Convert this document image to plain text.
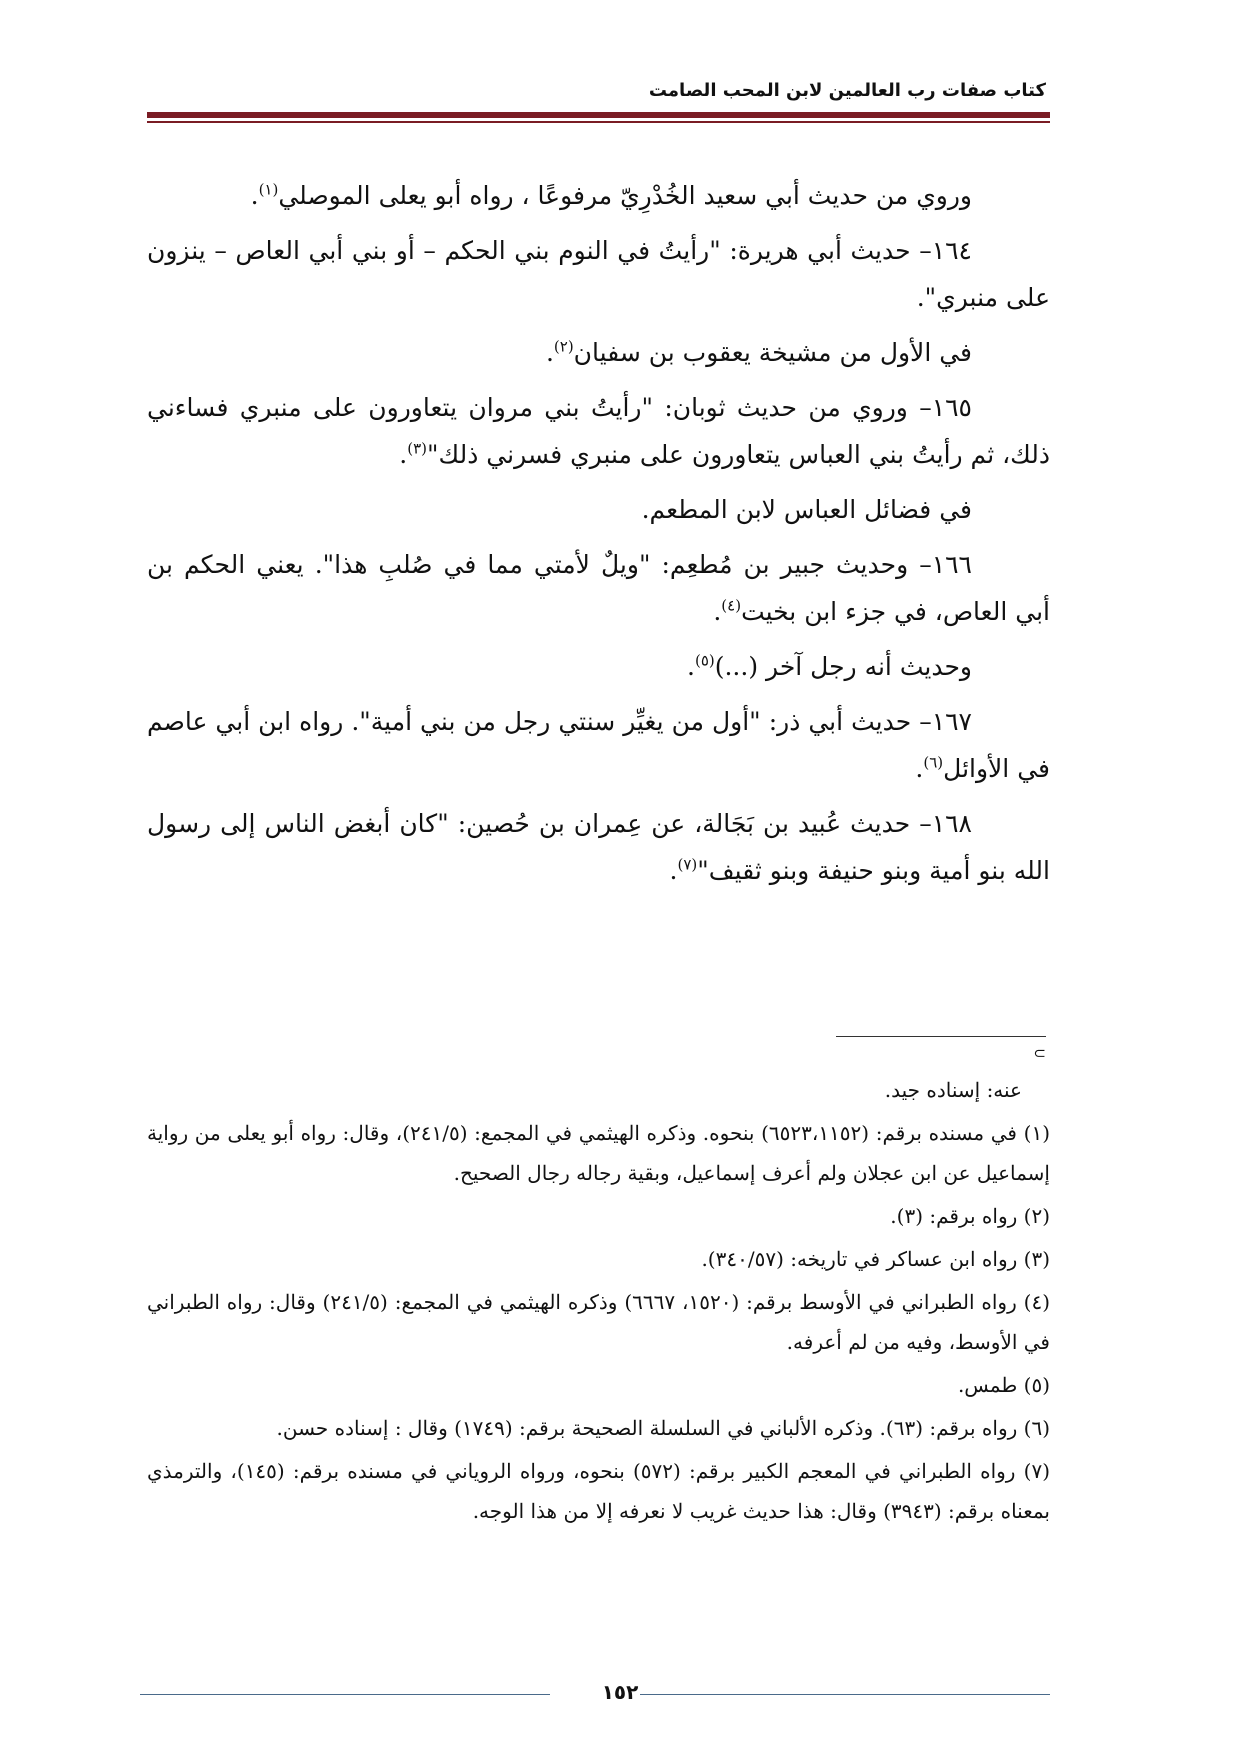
كتاب صفات رب العالمين لابن المحب الصامت

وروي من حديث أبي سعيد الخُدْرِيّ مرفوعًا ، رواه أبو يعلى الموصلي$^{(١)}$.

١٦٤– حديث أبي هريرة: "رأيتُ في النوم بني الحكم – أو بني أبي العاص – ينزون على منبري".

في الأول من مشيخة يعقوب بن سفيان$^{(٢)}$.

١٦٥– وروي من حديث ثوبان: "رأيتُ بني مروان يتعاورون على منبري فساءني ذلك، ثم رأيتُ بني العباس يتعاورون على منبري فسرني ذلك"$^{(٣)}$.

في فضائل العباس لابن المطعم.

١٦٦– وحديث جبير بن مُطعِم: "ويلٌ لأمتي مما في صُلبِ هذا". يعني الحكم بن أبي العاص، في جزء ابن بخيت$^{(٤)}$.

وحديث أنه رجل آخر (...)$^{(٥)}$.

١٦٧– حديث أبي ذر: "أول من يغيِّر سنتي رجل من بني أمية". رواه ابن أبي عاصم في الأوائل$^{(٦)}$.

١٦٨– حديث عُبيد بن بَجَالة، عن عِمران بن حُصين: "كان أبغض الناس إلى رسول الله بنو أمية وبنو حنيفة وبنو ثقيف"$^{(٧)}$.

⊃

عنه: إسناده جيد.

(١) في مسنده برقم: (٦٥٢٣،١١٥٢) بنحوه. وذكره الهيثمي في المجمع: (٢٤١/٥)، وقال: رواه أبو يعلى من رواية إسماعيل عن ابن عجلان ولم أعرف إسماعيل، وبقية رجاله رجال الصحيح.

(٢) رواه برقم: (٣).

(٣) رواه ابن عساكر في تاريخه: (٣٤٠/٥٧).

(٤) رواه الطبراني في الأوسط برقم: (١٥٢٠، ٦٦٦٧) وذكره الهيثمي في المجمع: (٢٤١/٥) وقال: رواه الطبراني في الأوسط، وفيه من لم أعرفه.

(٥) طمس.

(٦) رواه برقم: (٦٣). وذكره الألباني في السلسلة الصحيحة برقم: (١٧٤٩) وقال : إسناده حسن.

(٧) رواه الطبراني في المعجم الكبير برقم: (٥٧٢) بنحوه، ورواه الروياني في مسنده برقم: (١٤٥)، والترمذي بمعناه برقم: (٣٩٤٣) وقال: هذا حديث غريب لا نعرفه إلا من هذا الوجه.

١٥٢
